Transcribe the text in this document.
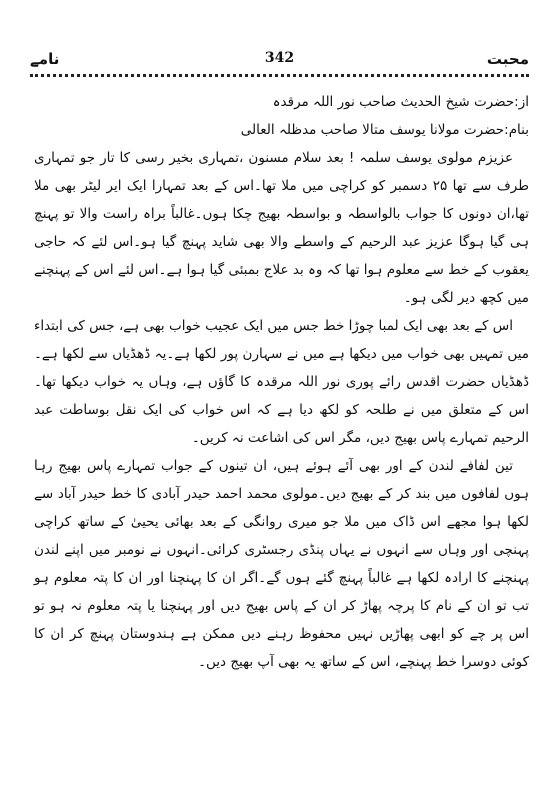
محبت
342
نامے

از:حضرت شیخ الحدیث صاحب نور اللہ مرقدہ

بنام:حضرت مولانا یوسف متالا صاحب مدظلہ العالی

عزیزم مولوی یوسف سلمہ ! بعد سلام مسنون ،تمہاری بخیر رسی کا تار جو تمہاری طرف سے تھا ۲۵ دسمبر کو کراچی میں ملا تھا۔اس کے بعد تمہارا ایک ایر لیٹر بھی ملا تھا،ان دونوں کا جواب بالواسطہ و بواسطہ بھیج چکا ہوں۔غالباً براہ راست والا تو پہنچ ہی گیا ہوگا عزیز عبد الرحیم کے واسطے والا بھی شاید پہنچ گیا ہو۔اس لئے کہ حاجی یعقوب کے خط سے معلوم ہوا تھا کہ وہ بد علاج بمبئی گیا ہوا ہے۔اس لئے اس کے پہنچنے میں کچھ دیر لگی ہو۔

اس کے بعد بھی ایک لمبا چوڑا خط جس میں ایک عجیب خواب بھی ہے، جس کی ابتداء میں تمہیں بھی خواب میں دیکھا ہے میں نے سہارن پور لکھا ہے۔یہ ڈھڈیاں سے لکھا ہے۔ڈھڈیاں حضرت اقدس رائے پوری نور اللہ مرقدہ کا گاؤں ہے، وہاں یہ خواب دیکھا تھا۔اس کے متعلق میں نے طلحہ کو لکھ دیا ہے کہ اس خواب کی ایک نقل بوساطت عبد الرحیم تمہارے پاس بھیج دیں، مگر اس کی اشاعت نہ کریں۔

تین لفافے لندن کے اور بھی آئے ہوئے ہیں، ان تینوں کے جواب تمہارے پاس بھیج رہا ہوں لفافوں میں بند کر کے بھیج دیں۔مولوی محمد احمد حیدر آبادی کا خط حیدر آباد سے لکھا ہوا مجھے اس ڈاک میں ملا جو میری روانگی کے بعد بھائی یحییٰ کے ساتھ کراچی پہنچی اور وہاں سے انہوں نے یہاں پنڈی رجسٹری کرائی۔انہوں نے نومبر میں اپنے لندن پہنچنے کا ارادہ لکھا ہے غالباً پہنچ گئے ہوں گے۔اگر ان کا پہنچنا اور ان کا پتہ معلوم ہو تب تو ان کے نام کا پرچہ پھاڑ کر ان کے پاس بھیج دیں اور پہنچنا یا پتہ معلوم نہ ہو تو اس پر چے کو ابھی پھاڑیں نہیں محفوظ رہنے دیں ممکن ہے ہندوستان پہنچ کر ان کا کوئی دوسرا خط پہنچے، اس کے ساتھ یہ بھی آپ بھیج دیں۔
